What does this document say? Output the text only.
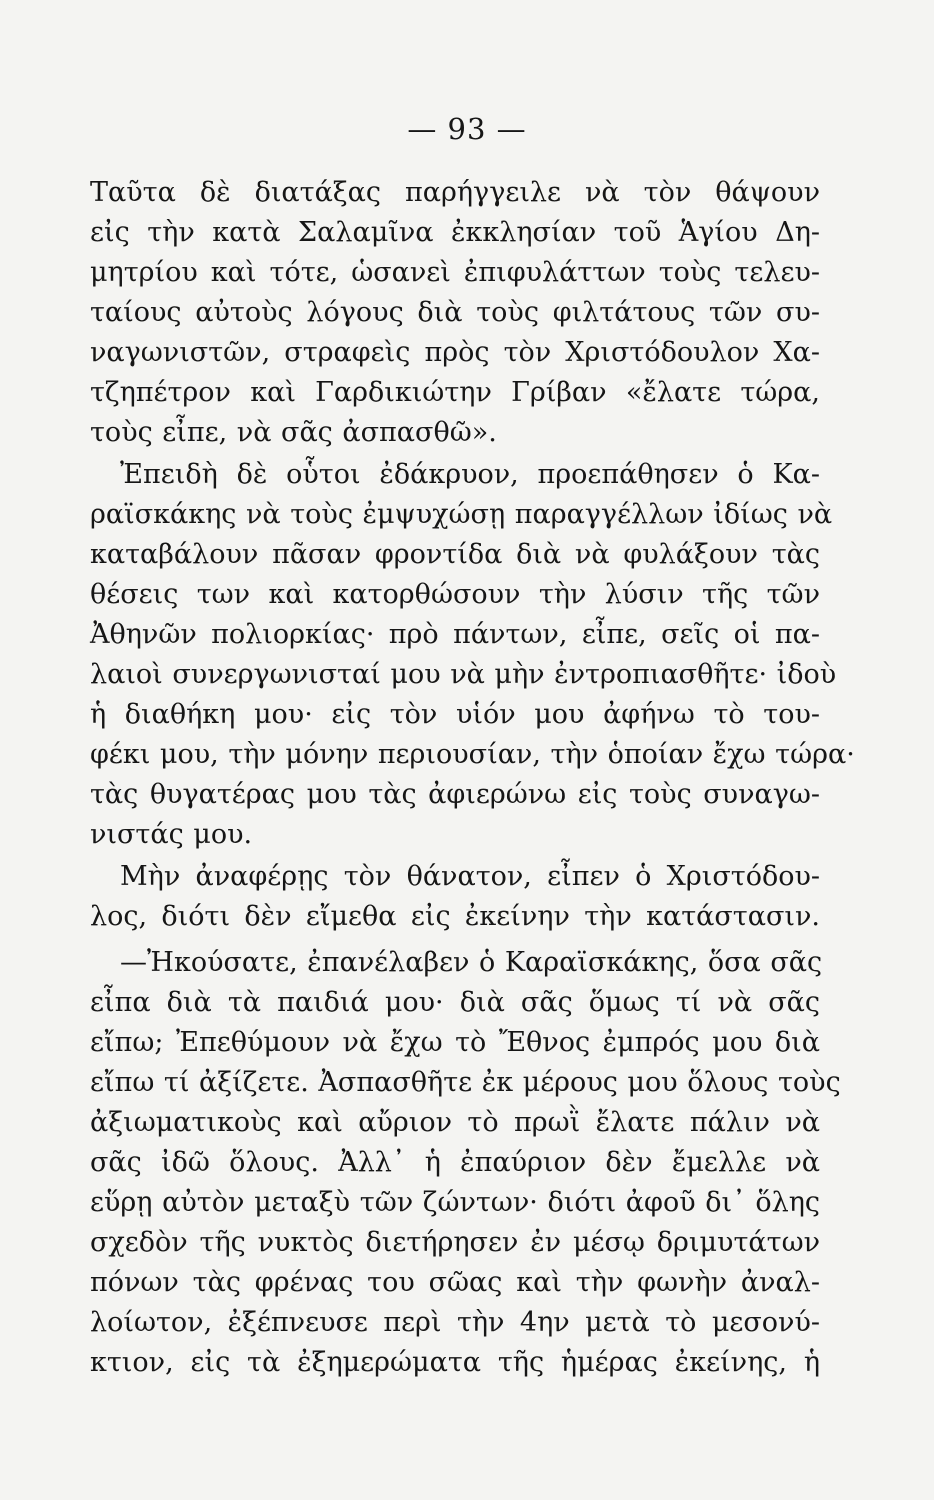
— 93 —
Ταῦτα δὲ διατάξας παρήγγειλε νὰ τὸν θάψουν
εἰς τὴν κατὰ Σαλαμῖνα ἐκκλησίαν τοῦ Ἁγίου Δη-
μητρίου καὶ τότε, ὡσανεὶ ἐπιφυλάττων τοὺς τελευ-
ταίους αὐτοὺς λόγους διὰ τοὺς φιλτάτους τῶν συ-
ναγωνιστῶν, στραφεὶς πρὸς τὸν Χριστόδουλον Χα-
τζηπέτρον καὶ Γαρδικιώτην Γρίβαν «ἔλατε τώρα,
τοὺς εἶπε, νὰ σᾶς ἀσπασθῶ».
Ἐπειδὴ δὲ οὗτοι ἐδάκρυον, προεπάθησεν ὁ Κα-
ραϊσκάκης νὰ τοὺς ἐμψυχώσῃ παραγγέλλων ἰδίως νὰ
καταβάλουν πᾶσαν φροντίδα διὰ νὰ φυλάξουν τὰς
θέσεις των καὶ κατορθώσουν τὴν λύσιν τῆς τῶν
Ἀθηνῶν πολιορκίας· πρὸ πάντων, εἶπε, σεῖς οἱ πα-
λαιοὶ συνεργωνισταί μου νὰ μὴν ἐντροπιασθῆτε· ἰδοὺ
ἡ διαθήκη μου· εἰς τὸν υἱόν μου ἀφήνω τὸ του-
φέκι μου, τὴν μόνην περιουσίαν, τὴν ὁποίαν ἔχω τώρα·
τὰς θυγατέρας μου τὰς ἀφιερώνω εἰς τοὺς συναγω-
νιστάς μου.
Μὴν ἀναφέρῃς τὸν θάνατον, εἶπεν ὁ Χριστόδου-
λος, διότι δὲν εἴμεθα εἰς ἐκείνην τὴν κατάστασιν.
—Ἠκούσατε, ἐπανέλαβεν ὁ Καραϊσκάκης, ὅσα σᾶς
εἶπα διὰ τὰ παιδιά μου· διὰ σᾶς ὅμως τί νὰ σᾶς
εἴπω; Ἐπεθύμουν νὰ ἔχω τὸ Ἔθνος ἐμπρός μου διὰ
εἴπω τί ἀξίζετε. Ἀσπασθῆτε ἐκ μέρους μου ὅλους τοὺς
ἀξιωματικοὺς καὶ αὔριον τὸ πρωῒ ἔλατε πάλιν νὰ
σᾶς ἰδῶ ὅλους. Ἀλλ᾽ ἡ ἐπαύριον δὲν ἔμελλε νὰ
εὕρῃ αὐτὸν μεταξὺ τῶν ζώντων· διότι ἀφοῦ δι᾽ ὅλης
σχεδὸν τῆς νυκτὸς διετήρησεν ἐν μέσῳ δριμυτάτων
πόνων τὰς φρένας του σῶας καὶ τὴν φωνὴν ἀναλ-
λοίωτον, ἐξέπνευσε περὶ τὴν 4ην μετὰ τὸ μεσονύ-
κτιον, εἰς τὰ ἐξημερώματα τῆς ἡμέρας ἐκείνης, ἡ
